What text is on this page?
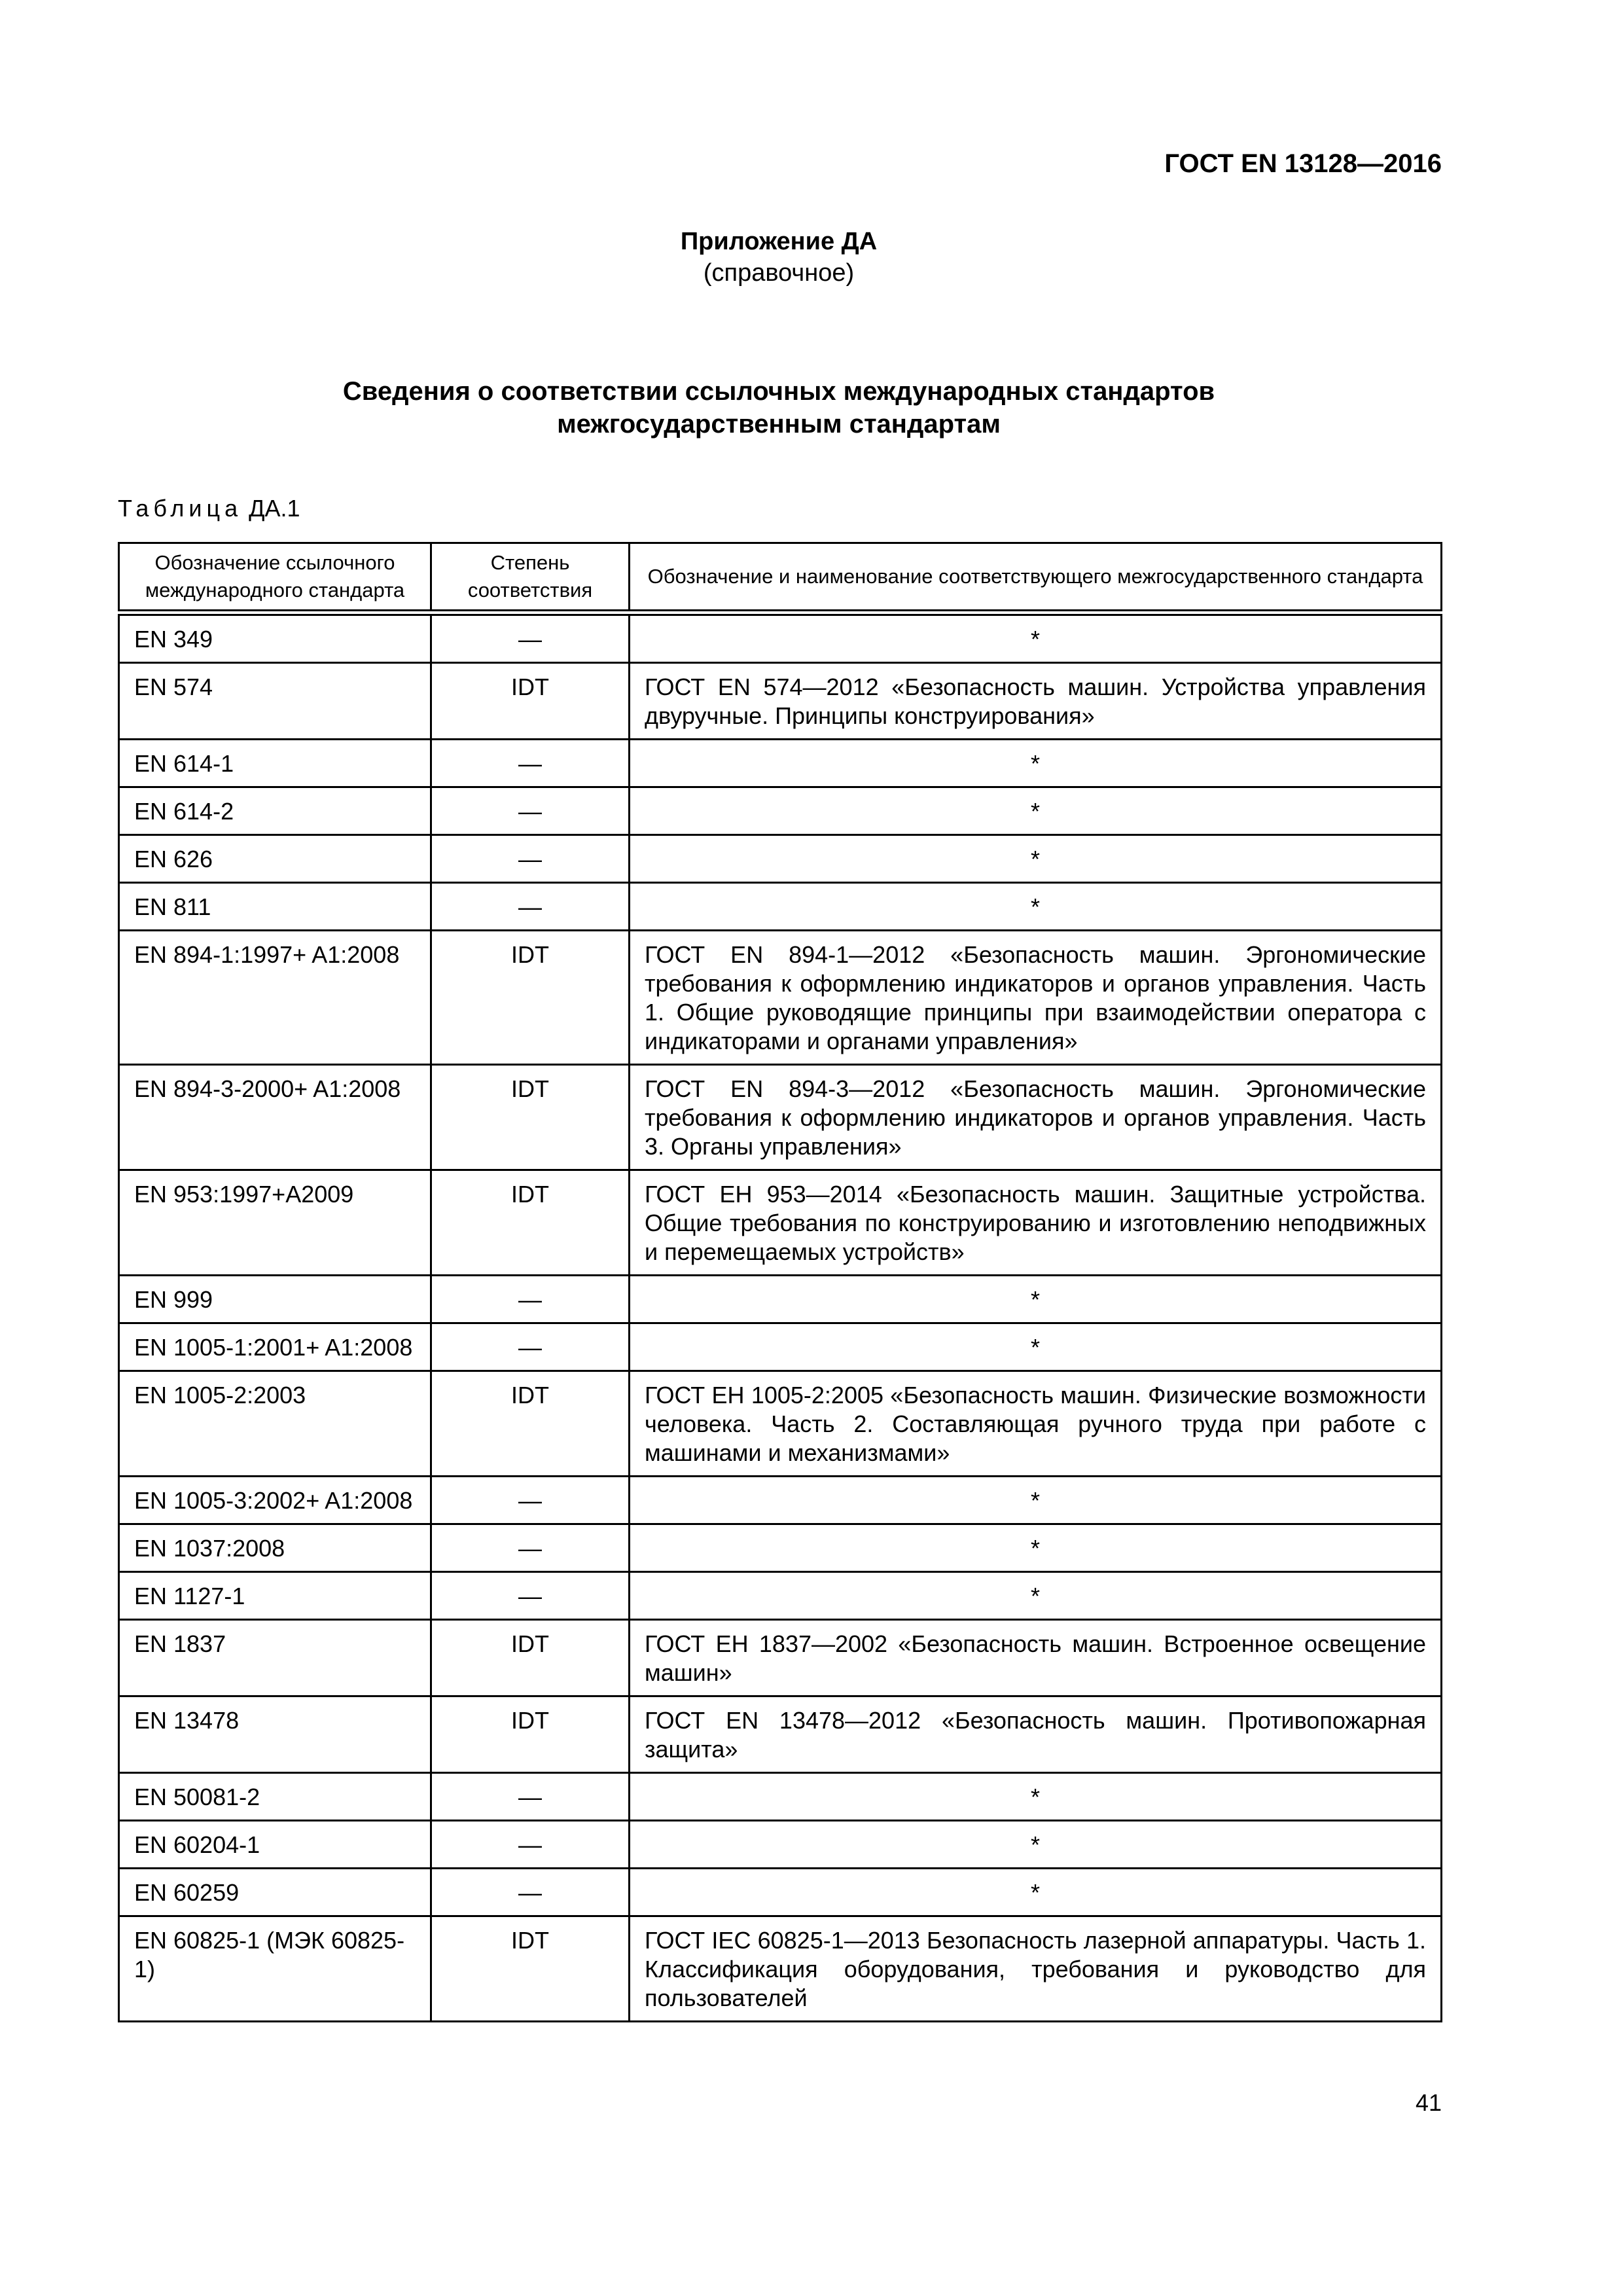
ГОСТ EN 13128—2016
Приложение ДА
(справочное)
Сведения о соответствии ссылочных международных стандартов
межгосударственным стандартам
Таблица ДА.1
Обозначение ссылочного международного стандарта	Степень соответствия	Обозначение и наименование соответствующего межгосударственного стандарта
EN 349	—	*
EN 574	IDT	ГОСТ EN 574—2012 «Безопасность машин. Устройства управления двуручные. Принципы конструирования»
EN 614-1	—	*
EN 614-2	—	*
EN 626	—	*
EN 811	—	*
EN 894-1:1997+ A1:2008	IDT	ГОСТ EN 894-1—2012 «Безопасность машин. Эргономические требования к оформлению индикаторов и органов управления. Часть 1. Общие руководящие принципы при взаимодействии оператора с индикаторами и органами управления»
EN 894-3-2000+ A1:2008	IDT	ГОСТ EN 894-3—2012 «Безопасность машин. Эргономические требования к оформлению индикаторов и органов управления. Часть 3. Органы управления»
EN 953:1997+A2009	IDT	ГОСТ ЕН 953—2014 «Безопасность машин. Защитные устройства. Общие требования по конструированию и изготовлению неподвижных и перемещаемых устройств»
EN 999	—	*
EN 1005-1:2001+ A1:2008	—	*
EN 1005-2:2003	IDT	ГОСТ ЕН 1005-2:2005 «Безопасность машин. Физические возможности человека. Часть 2. Составляющая ручного труда при работе с машинами и механизмами»
EN 1005-3:2002+ A1:2008	—	*
EN 1037:2008	—	*
EN 1127-1	—	*
EN 1837	IDT	ГОСТ ЕН 1837—2002 «Безопасность машин. Встроенное освещение машин»
EN 13478	IDT	ГОСТ EN 13478—2012 «Безопасность машин. Противопожарная защита»
EN 50081-2	—	*
EN 60204-1	—	*
EN 60259	—	*
EN 60825-1 (МЭК 60825-1)	IDT	ГОСТ IEC 60825-1—2013 Безопасность лазерной аппаратуры. Часть 1. Классификация оборудования, требования и руководство для пользователей
41
